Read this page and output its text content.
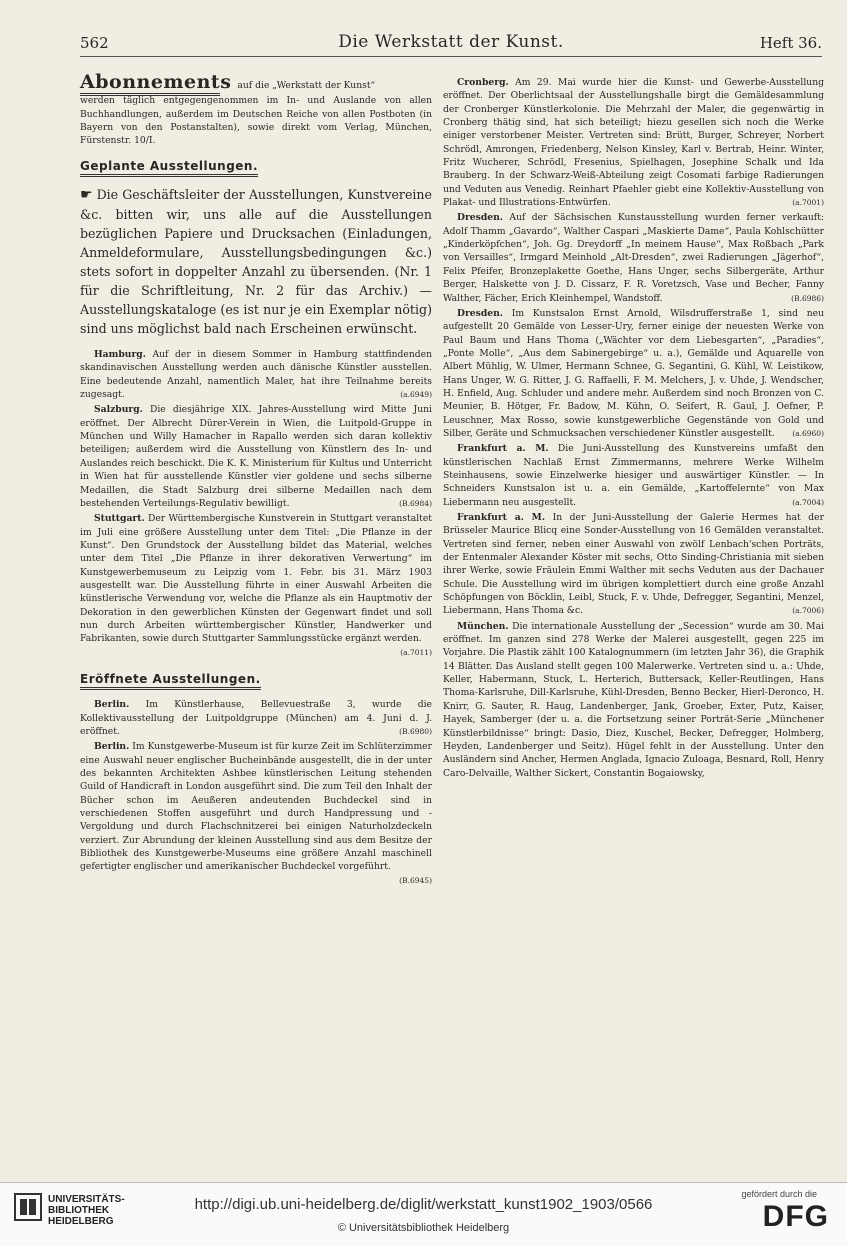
562	Die Werkstatt der Kunst.	Heft 36.
Abonnements auf die „Werkstatt der Kunst“
werden täglich entgegengenommen im In- und Auslande von allen Buchhandlungen, außerdem im Deutschen Reiche von allen Postboten (in Bayern von den Postanstalten), sowie direkt vom Verlag, München, Fürstenstr. 10/I.
Geplante Ausstellungen.
☛ Die Geschäftsleiter der Ausstellungen, Kunstvereine &c. bitten wir, uns alle auf die Ausstellungen bezüglichen Papiere und Drucksachen (Einladungen, Anmeldeformulare, Ausstellungsbedingungen &c.) stets sofort in doppelter Anzahl zu übersenden. (Nr. 1 für die Schriftleitung, Nr. 2 für das Archiv.) — Ausstellungskataloge (es ist nur je ein Exemplar nötig) sind uns möglichst bald nach Erscheinen erwünscht.

Hamburg. Auf der in diesem Sommer in Hamburg stattfindenden skandinavischen Ausstellung werden auch dänische Künstler ausstellen. Eine bedeutende Anzahl, namentlich Maler, hat ihre Teilnahme bereits zugesagt.	(a.6949)

Salzburg. Die diesjährige XIX. Jahres-Ausstellung wird Mitte Juni eröffnet. Der Albrecht Dürer-Verein in Wien, die Luitpold-Gruppe in München und Willy Hamacher in Rapallo werden sich daran kollektiv beteiligen; außerdem wird die Ausstellung von Künstlern des In- und Auslandes reich beschickt. Die K. K. Ministerium für Kultus und Unterricht in Wien hat für ausstellende Künstler vier goldene und sechs silberne Medaillen, die Stadt Salzburg drei silberne Medaillen nach dem bestehenden Verteilungs-Regulativ bewilligt.	(B.6984)

Stuttgart. Der Württembergische Kunstverein in Stuttgart veranstaltet im Juli eine größere Ausstellung unter dem Titel: „Die Pflanze in der Kunst“. Den Grundstock der Ausstellung bildet das Material, welches unter dem Titel „Die Pflanze in ihrer dekorativen Verwertung“ im Kunstgewerbemuseum zu Leipzig vom 1. Febr. bis 31. März 1903 ausgestellt war. Die Ausstellung führte in einer Auswahl Arbeiten die künstlerische Verwendung vor, welche die Pflanze als ein Hauptmotiv der Dekoration in den gewerblichen Künsten der Gegenwart findet und soll nun durch Arbeiten württembergischer Künstler, Handwerker und Fabrikanten, sowie durch Stuttgarter Sammlungsstücke ergänzt werden.
(a.7011)

Eröffnete Ausstellungen.

Berlin. Im Künstlerhause, Bellevuestraße 3, wurde die Kollektivausstellung der Luitpoldgruppe (München) am 4. Juni d. J. eröffnet.	(B.6980)

Berlin. Im Kunstgewerbe-Museum ist für kurze Zeit im Schlüterzimmer eine Auswahl neuer englischer Bucheinbände ausgestellt, die in der unter des bekannten Architekten Ashbee künstlerischen Leitung stehenden Guild of Handicraft in London ausgeführt sind. Die zum Teil den Inhalt der Bücher schon im Aeußeren andeutenden Buchdeckel sind in verschiedenen Stoffen ausgeführt und durch Handpressung und -Vergoldung und durch Flachschnitzerei bei einigen Naturholzdeckeln verziert. Zur Abrundung der kleinen Ausstellung sind aus dem Besitze der Bibliothek des Kunstgewerbe-Museums eine größere Anzahl maschinell gefertigter englischer und amerikanischer Buchdeckel vorgeführt.
(B.6945)

Cronberg. Am 29. Mai wurde hier die Kunst- und Gewerbe-Ausstellung eröffnet. Der Oberlichtsaal der Ausstellungshalle birgt die Gemäldesammlung der Cronberger Künstlerkolonie. Die Mehrzahl der Maler, die gegenwärtig in Cronberg thätig sind, hat sich beteiligt; hiezu gesellen sich noch die Werke einiger verstorbener Meister. Vertreten sind: Brütt, Burger, Schreyer, Norbert Schrödl, Amrongen, Friedenberg, Nelson Kinsley, Karl v. Bertrab, Heinr. Winter, Fritz Wucherer, Schrödl, Fresenius, Spielhagen, Josephine Schalk und Ida Brauberg. In der Schwarz-Weiß-Abteilung zeigt Cosomati farbige Radierungen und Veduten aus Venedig. Reinhart Pfaehler giebt eine Kollektiv-Ausstellung von Plakat- und Illustrations-Entwürfen.	(a.7001)

Dresden. Auf der Sächsischen Kunstausstellung wurden ferner verkauft: Adolf Thamm „Gavardo“, Walther Caspari „Maskierte Dame“, Paula Kohlschütter „Kinderköpfchen“, Joh. Gg. Dreydorff „In meinem Hause“, Max Roßbach „Park von Versailles“, Irmgard Meinhold „Alt-Dresden“, zwei Radierungen „Jägerhof“, Felix Pfeifer, Bronzeplakette Goethe, Hans Unger, sechs Silbergeräte, Arthur Berger, Halskette von J. D. Cissarz, F. R. Voretzsch, Vase und Becher, Fanny Walther, Fächer, Erich Kleinhempel, Wandstoff.	(B.6986)

Dresden. Im Kunstsalon Ernst Arnold, Wilsdrufferstraße 1, sind neu aufgestellt 20 Gemälde von Lesser-Ury, ferner einige der neuesten Werke von Paul Baum und Hans Thoma („Wächter vor dem Liebesgarten“, „Paradies“, „Ponte Molle“, „Aus dem Sabinergebirge“ u. a.), Gemälde und Aquarelle von Albert Mühlig, W. Ulmer, Hermann Schnee, G. Segantini, G. Kühl, W. Leistikow, Hans Unger, W. G. Ritter, J. G. Raffaelli, F. M. Melchers, J. v. Uhde, J. Wendscher, H. Enfield, Aug. Schluder und andere mehr. Außerdem sind noch Bronzen von C. Meunier, B. Hötger, Fr. Badow, M. Kühn, O. Seifert, R. Gaul, J. Oefner, P. Leuschner, Max Rosso, sowie kunstgewerbliche Gegenstände von Gold und Silber, Geräte und Schmucksachen verschiedener Künstler ausgestellt.	(a.6960)

Frankfurt a. M. Die Juni-Ausstellung des Kunstvereins umfaßt den künstlerischen Nachlaß Ernst Zimmermanns, mehrere Werke Wilhelm Steinhausens, sowie Einzelwerke hiesiger und auswärtiger Künstler. — In Schneiders Kunstsalon ist u. a. ein Gemälde, „Kartoffelernte“ von Max Liebermann neu ausgestellt.	(a.7004)

Frankfurt a. M. In der Juni-Ausstellung der Galerie Hermes hat der Brüsseler Maurice Blicq eine Sonder-Ausstellung von 16 Gemälden veranstaltet. Vertreten sind ferner, neben einer Auswahl von zwölf Lenbach'schen Porträts, der Entenmaler Alexander Köster mit sechs, Otto Sinding-Christiania mit sieben ihrer Werke, sowie Fräulein Emmi Walther mit sechs Veduten aus der Dachauer Schule. Die Ausstellung wird im übrigen komplettiert durch eine große Anzahl Schöpfungen von Böcklin, Leibl, Stuck, F. v. Uhde, Defregger, Segantini, Menzel, Liebermann, Hans Thoma &c.	(a.7006)

München. Die internationale Ausstellung der „Secession“ wurde am 30. Mai eröffnet. Im ganzen sind 278 Werke der Malerei ausgestellt, gegen 225 im Vorjahre. Die Plastik zählt 100 Katalognummern (im letzten Jahr 36), die Graphik 14 Blätter. Das Ausland stellt gegen 100 Malerwerke. Vertreten sind u. a.: Uhde, Keller, Habermann, Stuck, L. Herterich, Buttersack, Keller-Reutlingen, Hans Thoma-Karlsruhe, Dill-Karlsruhe, Kühl-Dresden, Benno Becker, Hierl-Deronco, H. Knirr, G. Sauter, R. Haug, Landenberger, Jank, Groeber, Exter, Putz, Kaiser, Hayek, Samberger (der u. a. die Fortsetzung seiner Porträt-Serie „Münchener Künstlerbildnisse“ bringt: Dasio, Diez, Kuschel, Becker, Defregger, Holmberg, Heyden, Landenberger und Seitz). Hügel fehlt in der Ausstellung. Unter den Ausländern sind Ancher, Hermen Anglada, Ignacio Zuloaga, Besnard, Roll, Henry Caro-Delvaille, Walther Sickert, Constantin Bogaiowsky,

UNIVERSITÄTS-
BIBLIOTHEK
HEIDELBERG
http://digi.ub.uni-heidelberg.de/diglit/werkstatt_kunst1902_1903/0566
© Universitätsbibliothek Heidelberg
gefördert durch die
DFG
